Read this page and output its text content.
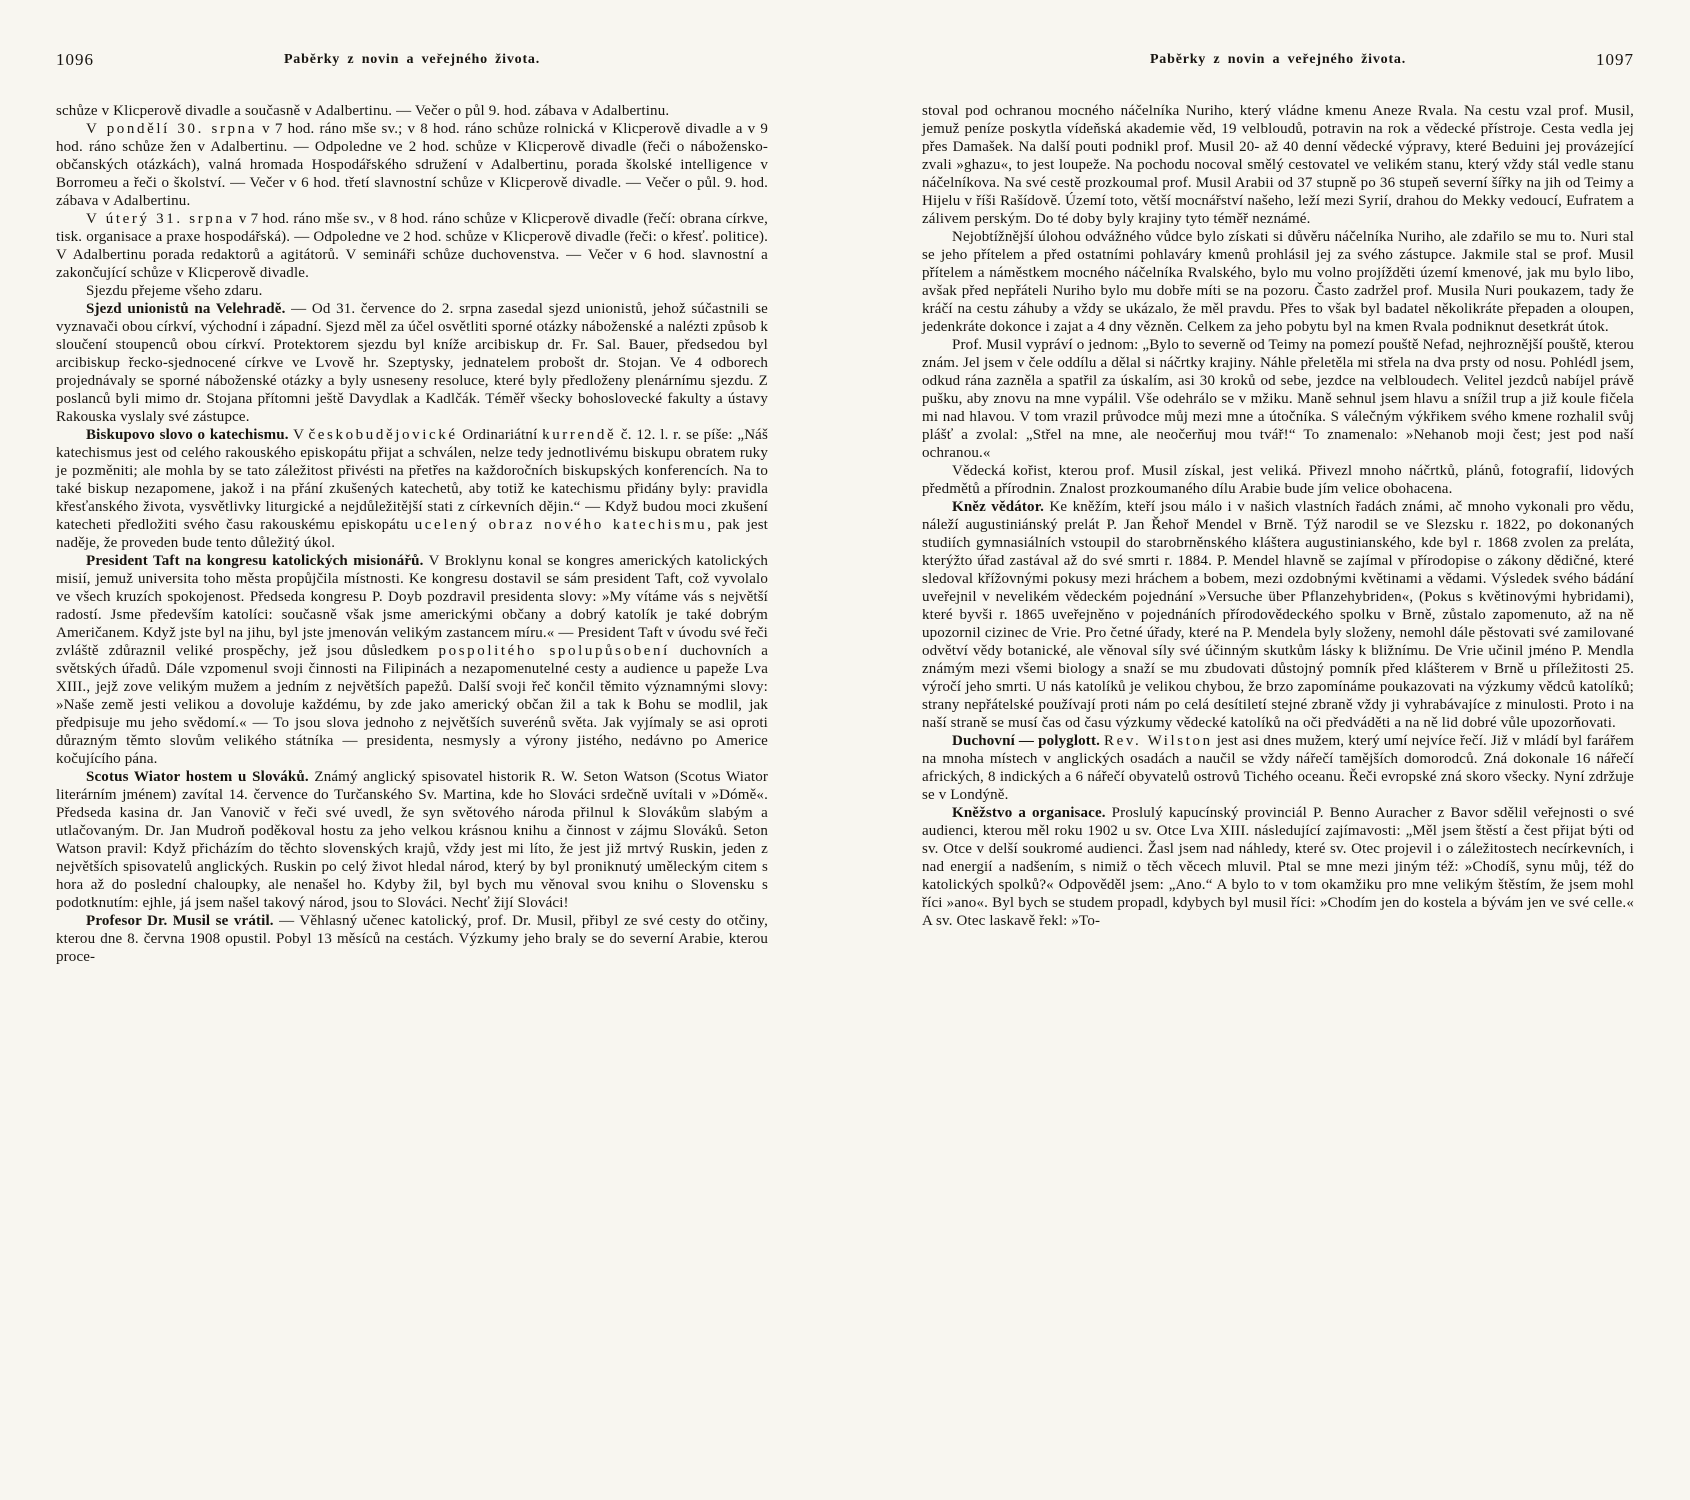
1096	Paběrky z novin a veřejného života.

schůze v Klicperově divadle a současně v Adalbertinu. — Večer o půl 9. hod. zábava v Adalbertinu.

V pondělí 30. srpna v 7 hod. ráno mše sv.; v 8 hod. ráno schůze rolnická v Klicperově divadle a v 9 hod. ráno schůze žen v Adalbertinu. — Odpoledne ve 2 hod. schůze v Klicperově divadle (řeči o nábožensko-občanských otázkách), valná hromada Hospodářského sdružení v Adalbertinu, porada školské intelligence v Borromeu a řeči o školství. — Večer v 6 hod. třetí slavnostní schůze v Klicperově divadle. — Večer o půl. 9. hod. zábava v Adalbertinu.

V úterý 31. srpna v 7 hod. ráno mše sv., v 8 hod. ráno schůze v Klicperově divadle (řečí: obrana církve, tisk. organisace a praxe hospodářská). — Odpoledne ve 2 hod. schůze v Klicperově divadle (řeči: o křesť. politice). V Adalbertinu porada redaktorů a agitátorů. V semináři schůze duchovenstva. — Večer v 6 hod. slavnostní a zakončující schůze v Klicperově divadle.

Sjezdu přejeme všeho zdaru.

Sjezd unionistů na Velehradě. — Od 31. července do 2. srpna zasedal sjezd unionistů, jehož súčastnili se vyznavači obou církví, východní i západní. Sjezd měl za účel osvětliti sporné otázky náboženské a nalézti způsob k sloučení stoupenců obou církví. Protektorem sjezdu byl kníže arcibiskup dr. Fr. Sal. Bauer, předsedou byl arcibiskup řecko-sjednocené církve ve Lvově hr. Szeptysky, jednatelem probošt dr. Stojan. Ve 4 odborech projednávaly se sporné náboženské otázky a byly usneseny resoluce, které byly předloženy plenárnímu sjezdu. Z poslanců byli mimo dr. Stojana přítomni ještě Davydlak a Kadlčák. Téměř všecky bohoslovecké fakulty a ústavy Rakouska vyslaly své zástupce.

Biskupovo slovo o katechismu. V českobudějovické Ordinariátní kurrendě č. 12. l. r. se píše: „Náš katechismus jest od celého rakouského episkopátu přijat a schválen, nelze tedy jednotlivému biskupu obratem ruky je pozměniti; ale mohla by se tato záležitost přivésti na přetřes na každoročních biskupských konferencích. Na to také biskup nezapomene, jakož i na přání zkušených katechetů, aby totiž ke katechismu přidány byly: pravidla křesťanského života, vysvětlivky liturgické a nejdůležitější stati z církevních dějin.“ — Když budou moci zkušení katecheti předložiti svého času rakouskému episkopátu ucelený obraz nového katechismu, pak jest naděje, že proveden bude tento důležitý úkol.

President Taft na kongresu katolických misionářů. V Broklynu konal se kongres amerických katolických misií, jemuž universita toho města propůjčila místnosti. Ke kongresu dostavil se sám president Taft, což vyvolalo ve všech kruzích spokojenost. Předseda kongresu P. Doyb pozdravil presidenta slovy: »My vítáme vás s největší radostí. Jsme především katolíci: současně však jsme americkými občany a dobrý katolík je také dobrým Američanem. Když jste byl na jihu, byl jste jmenován velikým zastancem míru.« — President Taft v úvodu své řeči zvláště zdůraznil veliké prospěchy, jež jsou důsledkem pospolitého spolupůsobení duchovních a světských úřadů. Dále vzpomenul svoji činnosti na Filipinách a nezapomenutelné cesty a audience u papeže Lva XIII., jejž zove velikým mužem a jedním z největších papežů. Další svoji řeč končil těmito významnými slovy: »Naše země jesti velikou a dovoluje každému, by zde jako americký občan žil a tak k Bohu se modlil, jak předpisuje mu jeho svědomí.« — To jsou slova jednoho z největších suverénů světa. Jak vyjímaly se asi oproti důrazným těmto slovům velikého státníka — presidenta, nesmysly a výrony jistého, nedávno po Americe kočujícího pána.

Scotus Wiator hostem u Slováků. Známý anglický spisovatel historik R. W. Seton Watson (Scotus Wiator literárním jménem) zavítal 14. července do Turčanského Sv. Martina, kde ho Slováci srdečně uvítali v »Dómě«. Předseda kasina dr. Jan Vanovič v řeči své uvedl, že syn světového národa přilnul k Slovákům slabým a utlačovaným. Dr. Jan Mudroň poděkoval hostu za jeho velkou krásnou knihu a činnost v zájmu Slováků. Seton Watson pravil: Když přicházím do těchto slovenských krajů, vždy jest mi líto, že jest již mrtvý Ruskin, jeden z největších spisovatelů anglických. Ruskin po celý život hledal národ, který by byl proniknutý uměleckým citem s hora až do poslední chaloupky, ale nenašel ho. Kdyby žil, byl bych mu věnoval svou knihu o Slovensku s podotknutím: ejhle, já jsem našel takový národ, jsou to Slováci. Nechť žijí Slováci!

Profesor Dr. Musil se vrátil. — Věhlasný učenec katolický, prof. Dr. Musil, přibyl ze své cesty do otčiny, kterou dne 8. června 1908 opustil. Pobyl 13 měsíců na cestách. Výzkumy jeho braly se do severní Arabie, kterou proce-

Paběrky z novin a veřejného života.	1097

stoval pod ochranou mocného náčelníka Nuriho, který vládne kmenu Aneze Rvala. Na cestu vzal prof. Musil, jemuž peníze poskytla vídeňská akademie věd, 19 velbloudů, potravin na rok a vědecké přístroje. Cesta vedla jej přes Damašek. Na další pouti podnikl prof. Musil 20- až 40 denní vědecké výpravy, které Beduini jej provázející zvali »ghazu«, to jest loupeže. Na pochodu nocoval smělý cestovatel ve velikém stanu, který vždy stál vedle stanu náčelníkova. Na své cestě prozkoumal prof. Musil Arabii od 37 stupně po 36 stupeň severní šířky na jih od Teimy a Hijelu v říši Rašídově. Území toto, větší mocnářství našeho, leží mezi Syrií, drahou do Mekky vedoucí, Eufratem a zálivem perským. Do té doby byly krajiny tyto téměř neznámé.

Nejobtížnější úlohou odvážného vůdce bylo získati si důvěru náčelníka Nuriho, ale zdařilo se mu to. Nuri stal se jeho přítelem a před ostatními pohlaváry kmenů prohlásil jej za svého zástupce. Jakmile stal se prof. Musil přítelem a náměstkem mocného náčelníka Rvalského, bylo mu volno projížděti území kmenové, jak mu bylo libo, avšak před nepřáteli Nuriho bylo mu dobře míti se na pozoru. Často zadržel prof. Musila Nuri poukazem, tady že kráčí na cestu záhuby a vždy se ukázalo, že měl pravdu. Přes to však byl badatel několikráte přepaden a oloupen, jedenkráte dokonce i zajat a 4 dny vězněn. Celkem za jeho pobytu byl na kmen Rvala podniknut desetkrát útok.

Prof. Musil vypráví o jednom: „Bylo to severně od Teimy na pomezí pouště Nefad, nejhroznější pouště, kterou znám. Jel jsem v čele oddílu a dělal si náčrtky krajiny. Náhle přeletěla mi střela na dva prsty od nosu. Pohlédl jsem, odkud rána zazněla a spatřil za úskalím, asi 30 kroků od sebe, jezdce na velbloudech. Velitel jezdců nabíjel právě pušku, aby znovu na mne vypálil. Vše odehrálo se v mžiku. Maně sehnul jsem hlavu a snížil trup a již koule fičela mi nad hlavou. V tom vrazil průvodce můj mezi mne a útočníka. S válečným výkřikem svého kmene rozhalil svůj plášť a zvolal: „Střel na mne, ale neočerňuj mou tvář!“ To znamenalo: »Nehanob moji čest; jest pod naší ochranou.«

Vědecká kořist, kterou prof. Musil získal, jest veliká. Přivezl mnoho náčrtků, plánů, fotografií, lidových předmětů a přírodnin. Znalost prozkoumaného dílu Arabie bude jím velice obohacena.

Kněz vědátor. Ke kněžím, kteří jsou málo i v našich vlastních řadách známi, ač mnoho vykonali pro vědu, náleží augustiniánský prelát P. Jan Řehoř Mendel v Brně. Týž narodil se ve Slezsku r. 1822, po dokonaných studiích gymnasiálních vstoupil do starobrněnského kláštera augustinianského, kde byl r. 1868 zvolen za preláta, kterýžto úřad zastával až do své smrti r. 1884. P. Mendel hlavně se zajímal v přírodopise o zákony dědičné, které sledoval křížovnými pokusy mezi hráchem a bobem, mezi ozdobnými květinami a vědami. Výsledek svého bádání uveřejnil v nevelikém vědeckém pojednání »Versuche über Pflanzehybriden«, (Pokus s květinovými hybridami), které byvši r. 1865 uveřejněno v pojednáních přírodovědeckého spolku v Brně, zůstalo zapomenuto, až na ně upozornil cizinec de Vrie. Pro četné úřady, které na P. Mendela byly složeny, nemohl dále pěstovati své zamilované odvětví vědy botanické, ale věnoval síly své účinným skutkům lásky k bližnímu. De Vrie učinil jméno P. Mendla známým mezi všemi biology a snaží se mu zbudovati důstojný pomník před klášterem v Brně u příležitosti 25. výročí jeho smrti. U nás katolíků je velikou chybou, že brzo zapomínáme poukazovati na výzkumy vědců katolíků; strany nepřátelské používají proti nám po celá desítiletí stejné zbraně vždy ji vyhrabávajíce z minulosti. Proto i na naší straně se musí čas od času výzkumy vědecké katolíků na oči předváděti a na ně lid dobré vůle upozorňovati.

Duchovní — polyglott. Rev. Wilston jest asi dnes mužem, který umí nejvíce řečí. Již v mládí byl farářem na mnoha místech v anglických osadách a naučil se vždy nářečí tamějších domorodců. Zná dokonale 16 nářečí afrických, 8 indických a 6 nářečí obyvatelů ostrovů Tichého oceanu. Řeči evropské zná skoro všecky. Nyní zdržuje se v Londýně.

Kněžstvo a organisace. Proslulý kapucínský provinciál P. Benno Auracher z Bavor sdělil veřejnosti o své audienci, kterou měl roku 1902 u sv. Otce Lva XIII. následující zajímavosti: „Měl jsem štěstí a čest přijat býti od sv. Otce v delší soukromé audienci. Žasl jsem nad náhledy, které sv. Otec projevil i o záležitostech necírkevních, i nad energií a nadšením, s nimiž o těch věcech mluvil. Ptal se mne mezi jiným též: »Chodíš, synu můj, též do katolických spolků?« Odpověděl jsem: „Ano.“ A bylo to v tom okamžiku pro mne velikým štěstím, že jsem mohl říci »ano«. Byl bych se studem propadl, kdybych byl musil říci: »Chodím jen do kostela a bývám jen ve své celle.« A sv. Otec laskavě řekl: »To-
